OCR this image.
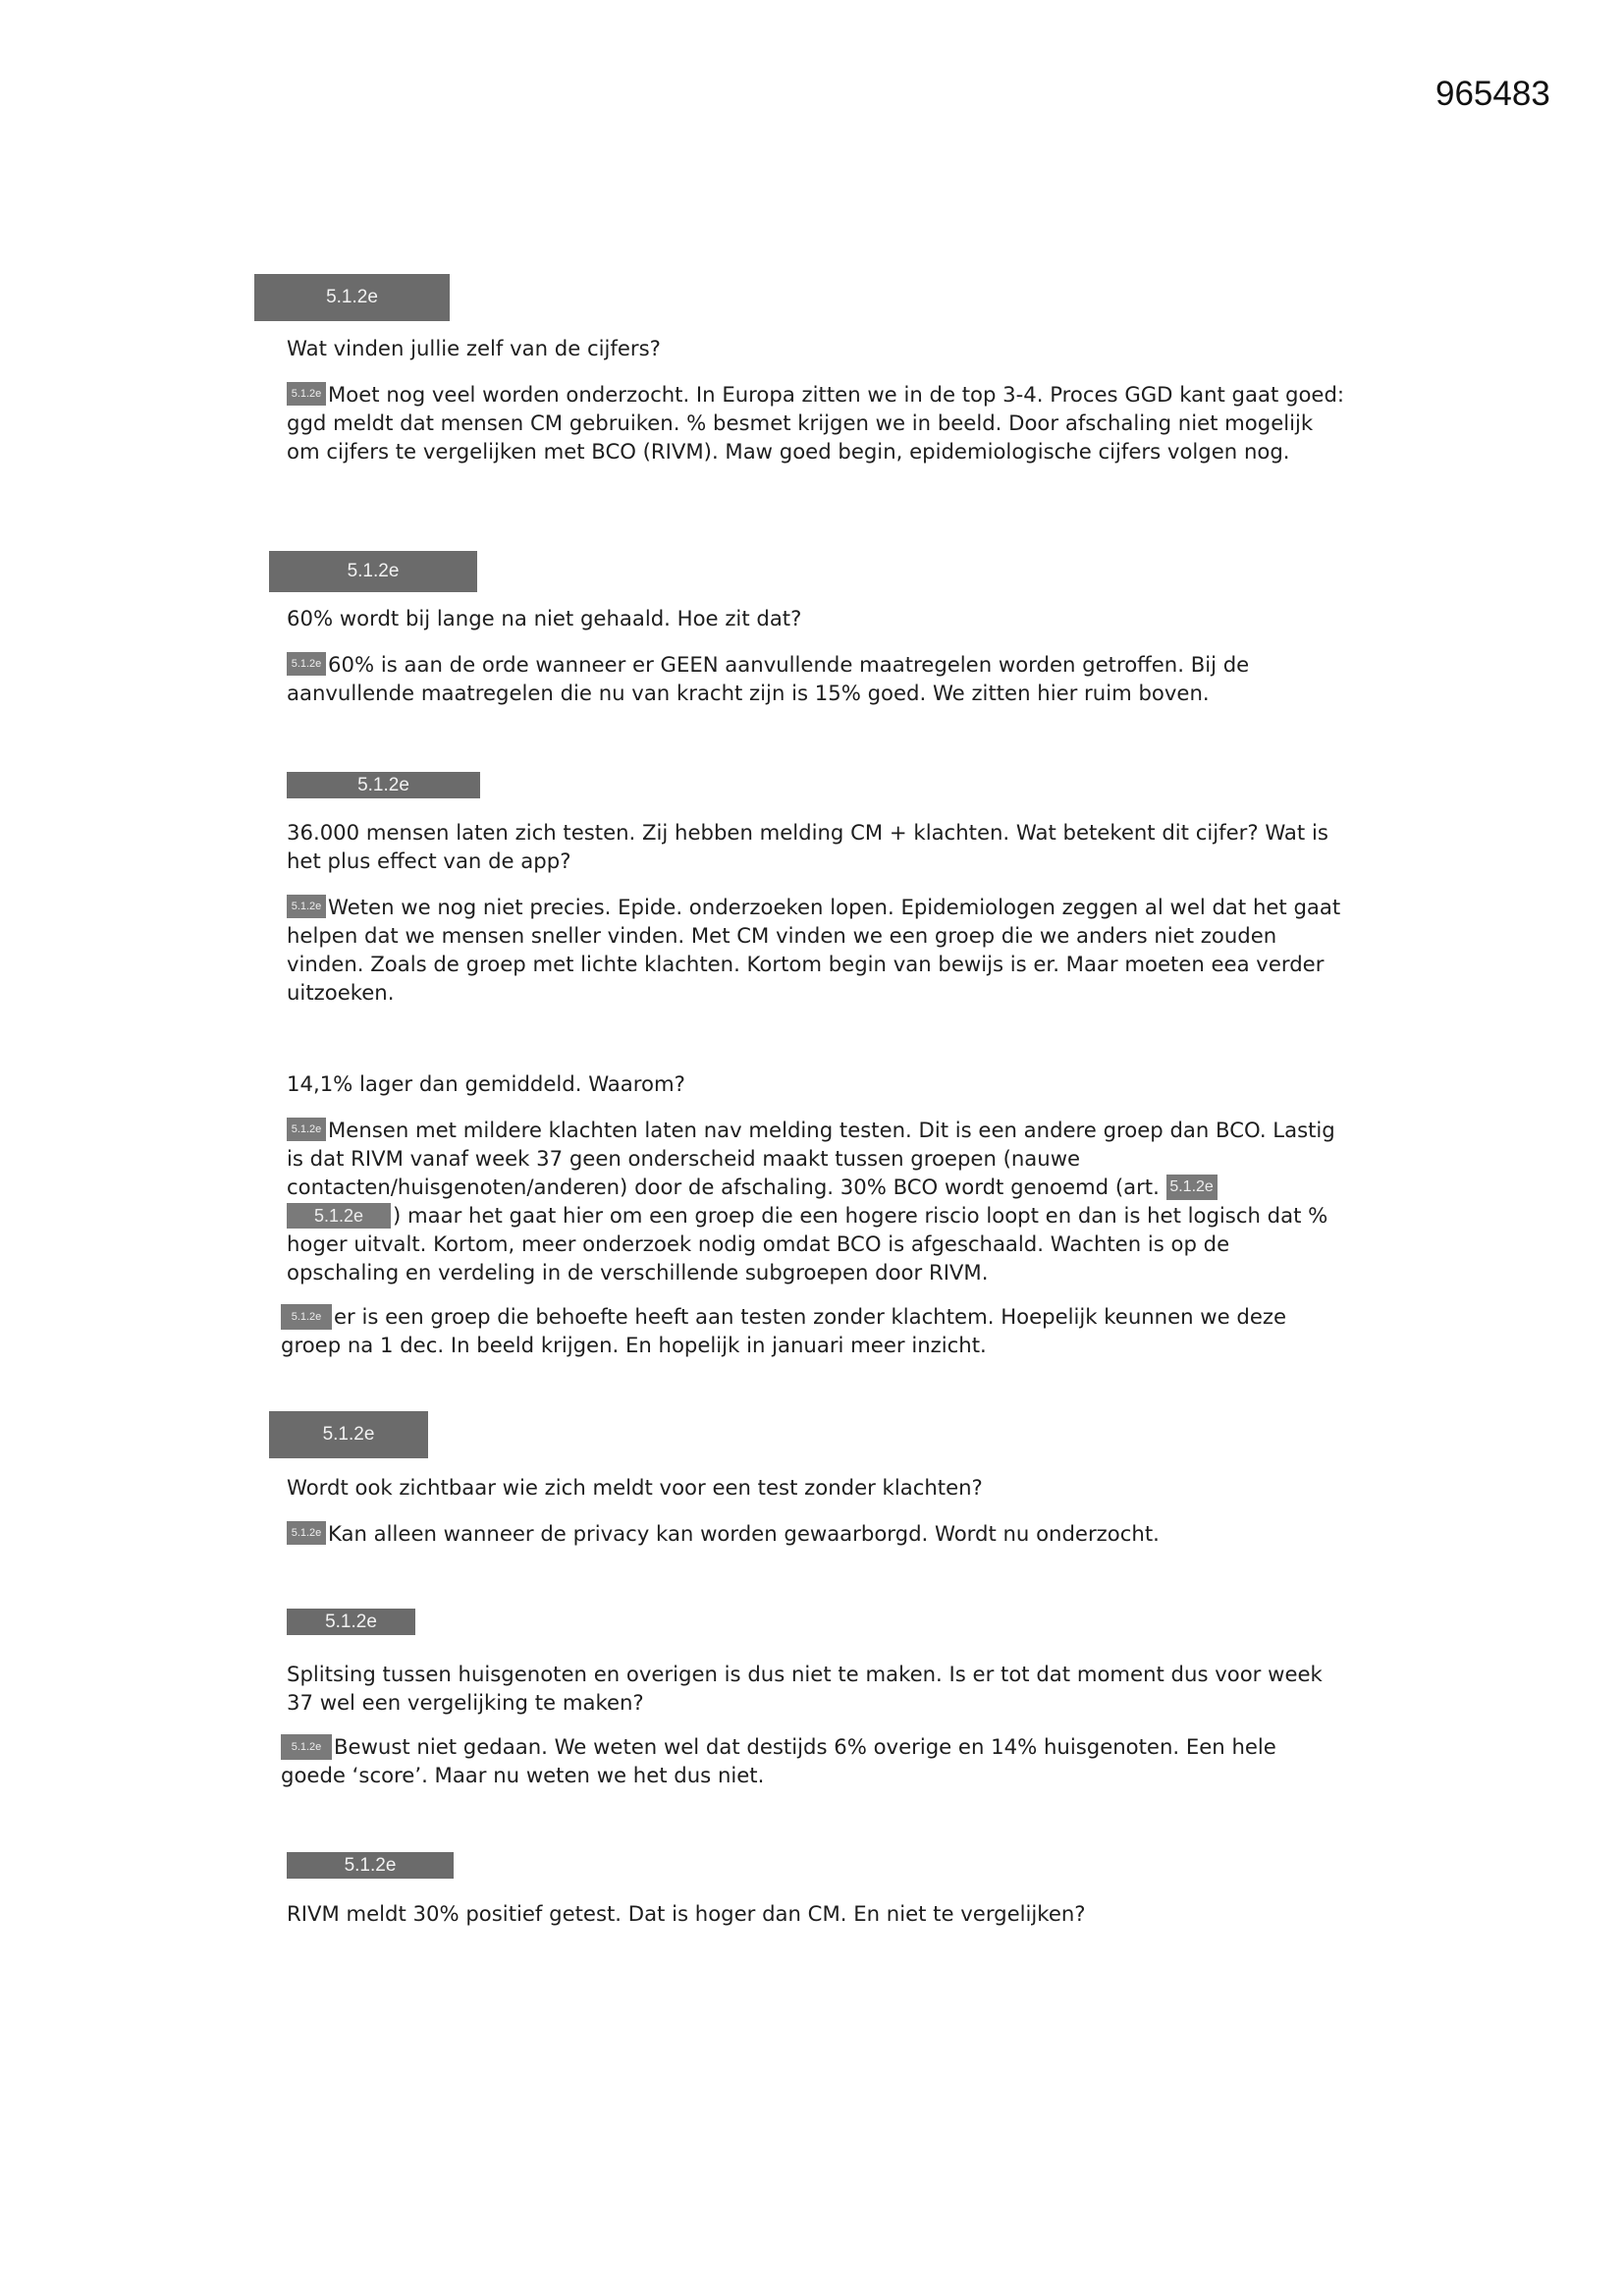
965483
5.1.2e

Wat vinden jullie zelf van de cijfers?

5.1.2e Moet nog veel worden onderzocht. In Europa zitten we in de top 3-4. Proces GGD kant gaat goed: ggd meldt dat mensen CM gebruiken. % besmet krijgen we in beeld. Door afschaling niet mogelijk om cijfers te vergelijken met BCO (RIVM). Maw goed begin, epidemiologische cijfers volgen nog.

5.1.2e

60% wordt bij lange na niet gehaald. Hoe zit dat?

5.1.2e 60% is aan de orde wanneer er GEEN aanvullende maatregelen worden getroffen. Bij de aanvullende maatregelen die nu van kracht zijn is 15% goed. We zitten hier ruim boven.

5.1.2e

36.000 mensen laten zich testen. Zij hebben melding CM + klachten. Wat betekent dit cijfer? Wat is het plus effect van de app?

5.1.2e Weten we nog niet precies. Epide. onderzoeken lopen. Epidemiologen zeggen al wel dat het gaat helpen dat we mensen sneller vinden. Met CM vinden we een groep die we anders niet zouden vinden. Zoals de groep met lichte klachten. Kortom begin van bewijs is er. Maar moeten eea verder uitzoeken.

14,1% lager dan gemiddeld. Waarom?

5.1.2e Mensen met mildere klachten laten nav melding testen. Dit is een andere groep dan BCO. Lastig is dat RIVM vanaf week 37 geen onderscheid maakt tussen groepen (nauwe contacten/huisgenoten/anderen) door de afschaling. 30% BCO wordt genoemd (art. 5.1.2e
5.1.2e ) maar het gaat hier om een groep die een hogere riscio loopt en dan is het logisch dat % hoger uitvalt. Kortom, meer onderzoek nodig omdat BCO is afgeschaald. Wachten is op de opschaling en verdeling in de verschillende subgroepen door RIVM.

5.1.2e er is een groep die behoefte heeft aan testen zonder klachtem. Hoepelijk keunnen we deze groep na 1 dec. In beeld krijgen. En hopelijk in januari meer inzicht.

5.1.2e

Wordt ook zichtbaar wie zich meldt voor een test zonder klachten?

5.1.2e Kan alleen wanneer de privacy kan worden gewaarborgd. Wordt nu onderzocht.

5.1.2e

Splitsing tussen huisgenoten en overigen is dus niet te maken. Is er tot dat moment dus voor week 37 wel een vergelijking te maken?

5.1.2e Bewust niet gedaan. We weten wel dat destijds 6% overige en 14% huisgenoten. Een hele goede ‘score’. Maar nu weten we het dus niet.

5.1.2e

RIVM meldt 30% positief getest. Dat is hoger dan CM. En niet te vergelijken?
